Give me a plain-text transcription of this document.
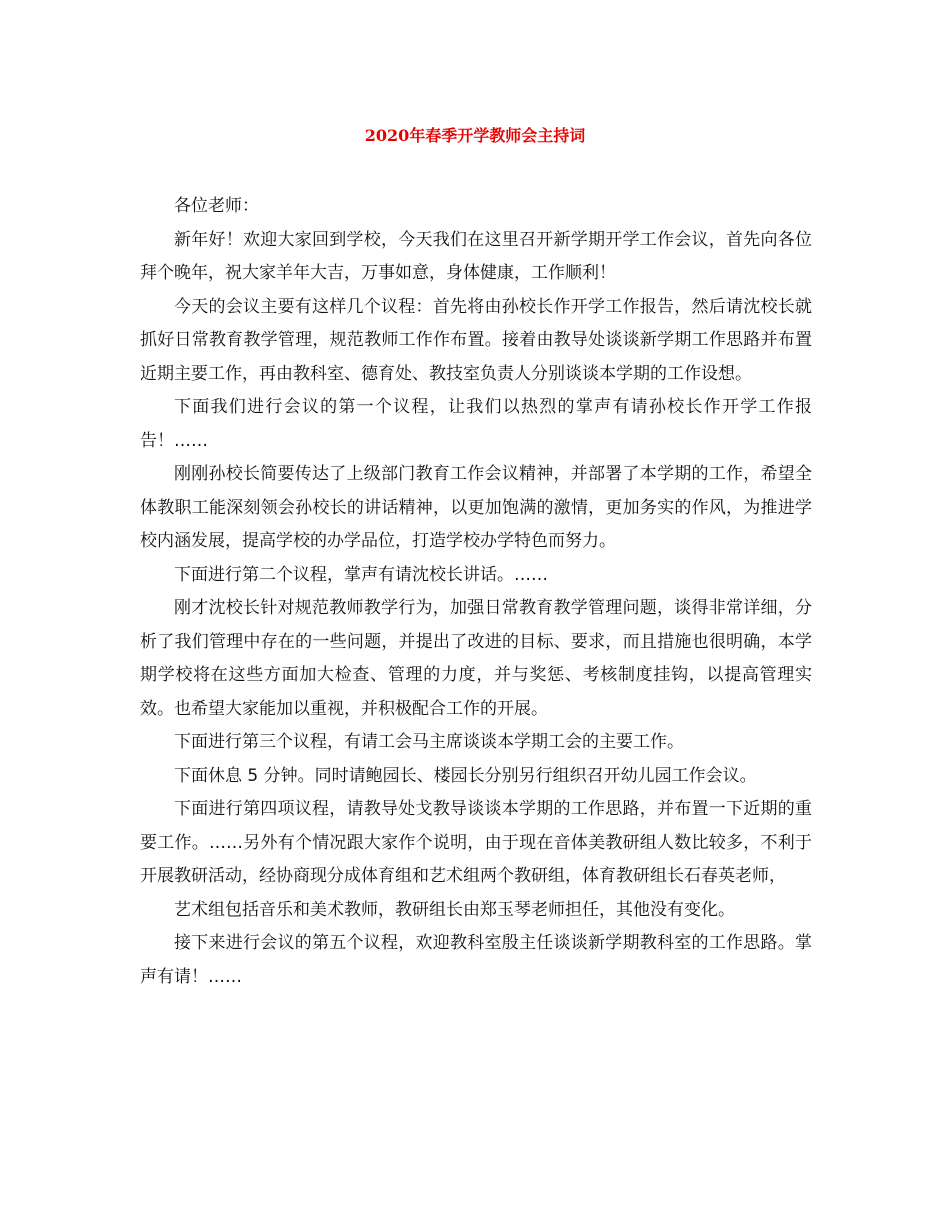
2020年春季开学教师会主持词

各位老师：

新年好！欢迎大家回到学校，今天我们在这里召开新学期开学工作会议，首先向各位拜个晚年，祝大家羊年大吉，万事如意，身体健康，工作顺利！

今天的会议主要有这样几个议程：首先将由孙校长作开学工作报告，然后请沈校长就抓好日常教育教学管理，规范教师工作作布置。接着由教导处谈谈新学期工作思路并布置近期主要工作，再由教科室、德育处、教技室负责人分别谈谈本学期的工作设想。

下面我们进行会议的第一个议程，让我们以热烈的掌声有请孙校长作开学工作报告！……

刚刚孙校长简要传达了上级部门教育工作会议精神，并部署了本学期的工作，希望全体教职工能深刻领会孙校长的讲话精神，以更加饱满的激情，更加务实的作风，为推进学校内涵发展，提高学校的办学品位，打造学校办学特色而努力。

下面进行第二个议程，掌声有请沈校长讲话。……

刚才沈校长针对规范教师教学行为，加强日常教育教学管理问题，谈得非常详细，分析了我们管理中存在的一些问题，并提出了改进的目标、要求，而且措施也很明确，本学期学校将在这些方面加大检查、管理的力度，并与奖惩、考核制度挂钩，以提高管理实效。也希望大家能加以重视，并积极配合工作的开展。

下面进行第三个议程，有请工会马主席谈谈本学期工会的主要工作。

下面休息 5 分钟。同时请鲍园长、楼园长分别另行组织召开幼儿园工作会议。

下面进行第四项议程，请教导处戈教导谈谈本学期的工作思路，并布置一下近期的重要工作。……另外有个情况跟大家作个说明，由于现在音体美教研组人数比较多，不利于开展教研活动，经协商现分成体育组和艺术组两个教研组，体育教研组长石春英老师，

艺术组包括音乐和美术教师，教研组长由郑玉琴老师担任，其他没有变化。

接下来进行会议的第五个议程，欢迎教科室殷主任谈谈新学期教科室的工作思路。掌声有请！……
